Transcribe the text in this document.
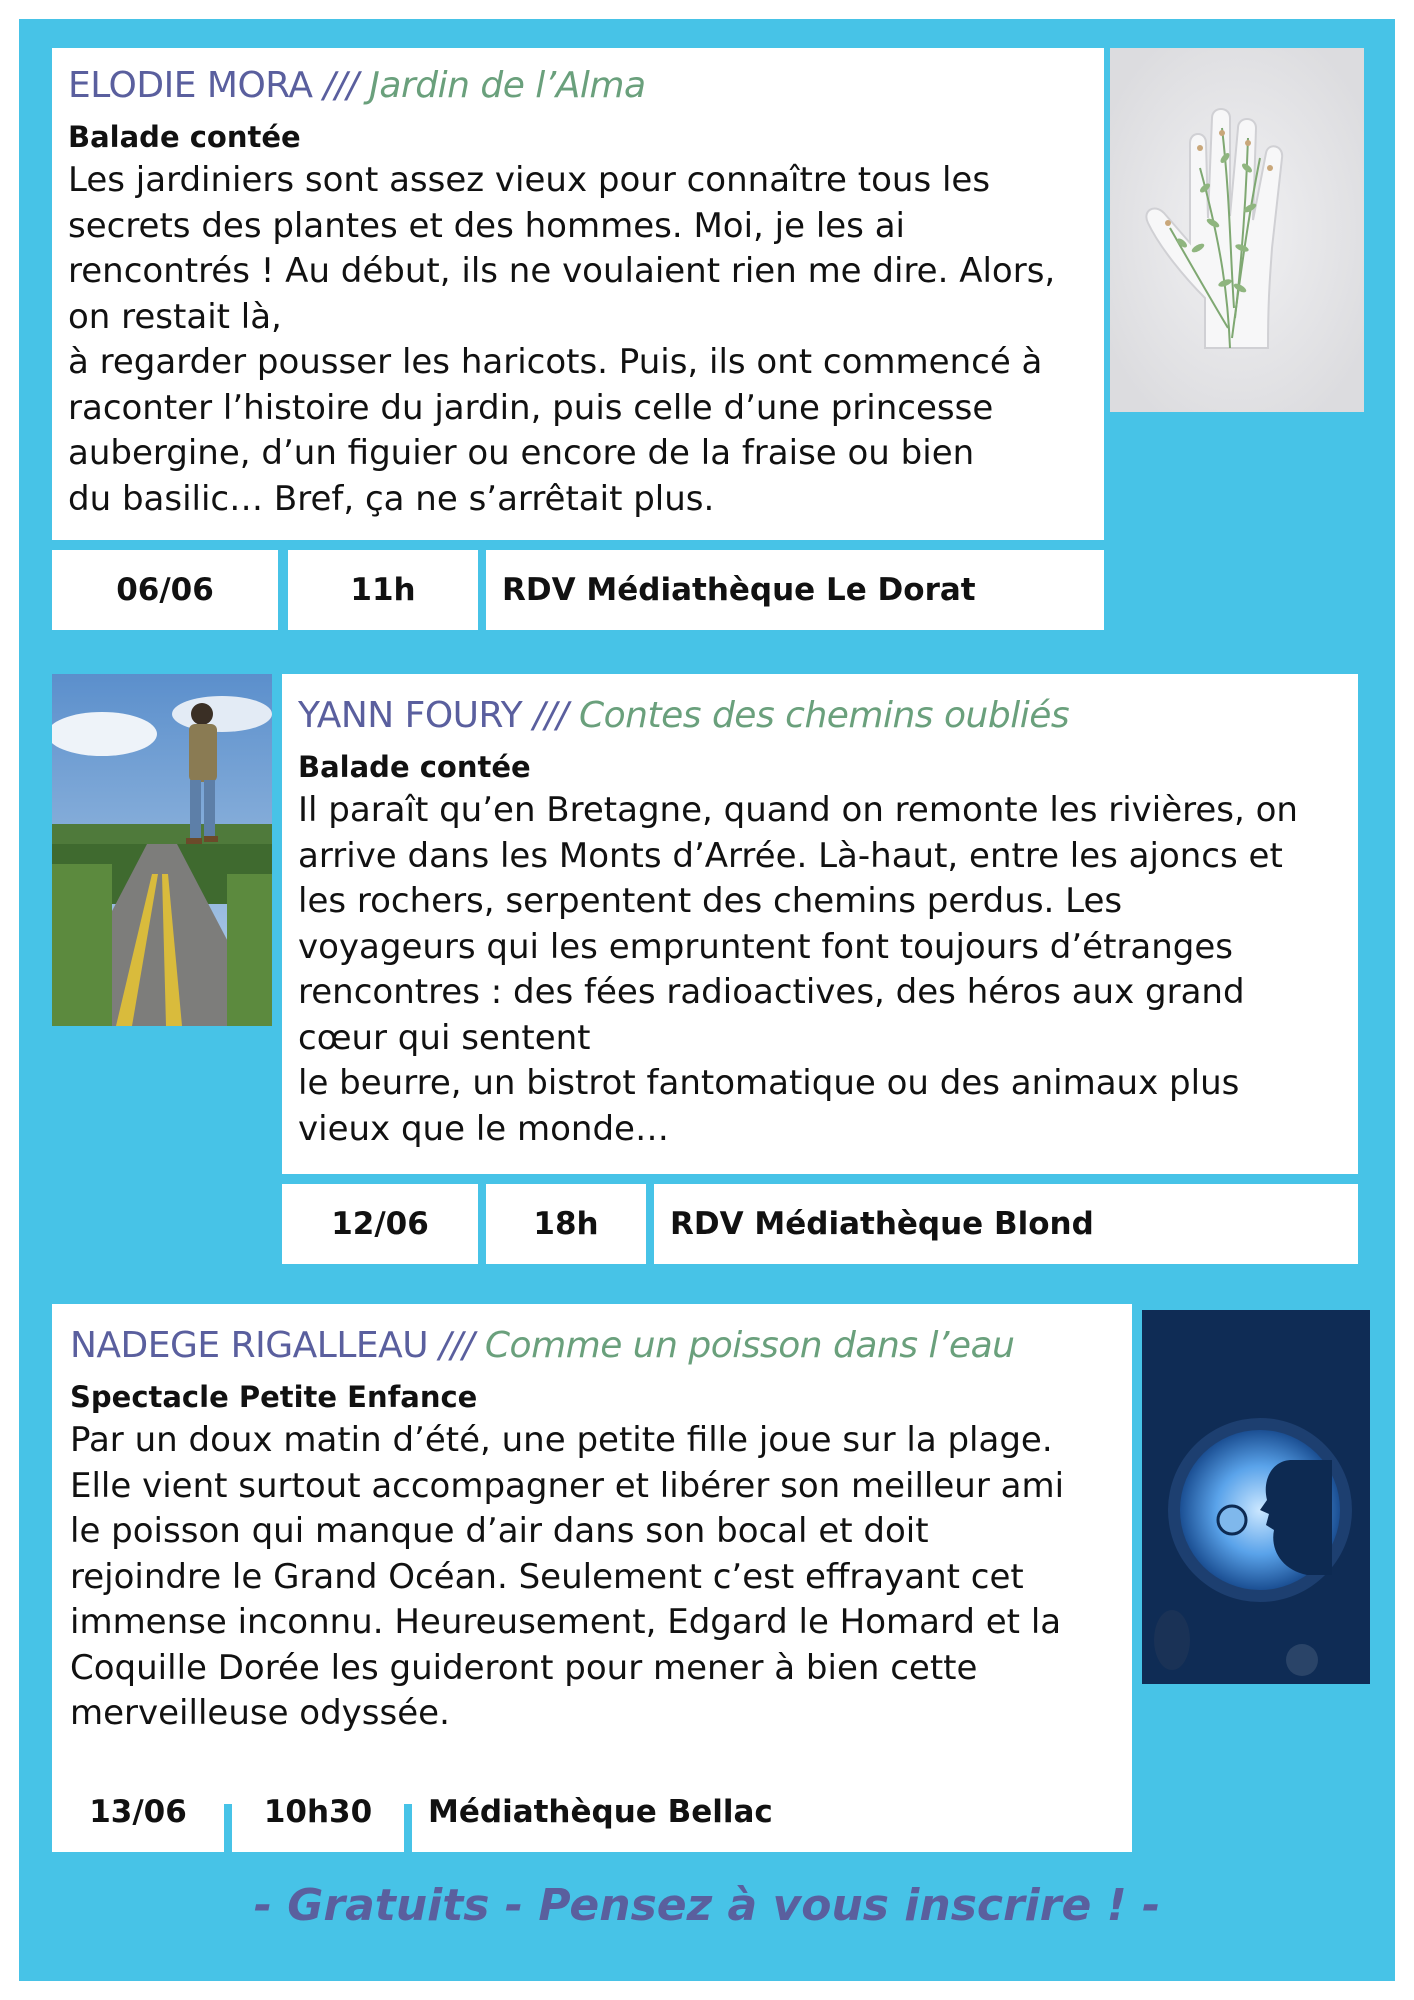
ELODIE MORA /// Jardin de l’Alma
Balade contée
Les jardiniers sont assez vieux pour connaître tous les
secrets des plantes et des hommes. Moi, je les ai
rencontrés ! Au début, ils ne voulaient rien me dire. Alors,
on restait là,
à regarder pousser les haricots. Puis, ils ont commencé à
raconter l’histoire du jardin, puis celle d’une princesse
aubergine, d’un figuier ou encore de la fraise ou bien
du basilic… Bref, ça ne s’arrêtait plus.
06/06	11h	RDV Médiathèque Le Dorat
YANN FOURY /// Contes des chemins oubliés
Balade contée
Il paraît qu’en Bretagne, quand on remonte les rivières, on
arrive dans les Monts d’Arrée. Là-haut, entre les ajoncs et
les rochers, serpentent des chemins perdus. Les
voyageurs qui les empruntent font toujours d’étranges
rencontres : des fées radioactives, des héros aux grand
cœur qui sentent
le beurre, un bistrot fantomatique ou des animaux plus
vieux que le monde…
12/06	18h	RDV Médiathèque Blond
NADEGE RIGALLEAU /// Comme un poisson dans l’eau
Spectacle Petite Enfance
Par un doux matin d’été, une petite fille joue sur la plage.
Elle vient surtout accompagner et libérer son meilleur ami
le poisson qui manque d’air dans son bocal et doit
rejoindre le Grand Océan. Seulement c’est effrayant cet
immense inconnu. Heureusement, Edgard le Homard et la
Coquille Dorée les guideront pour mener à bien cette
merveilleuse odyssée.
13/06	10h30	Médiathèque Bellac
- Gratuits - Pensez à vous inscrire ! -
